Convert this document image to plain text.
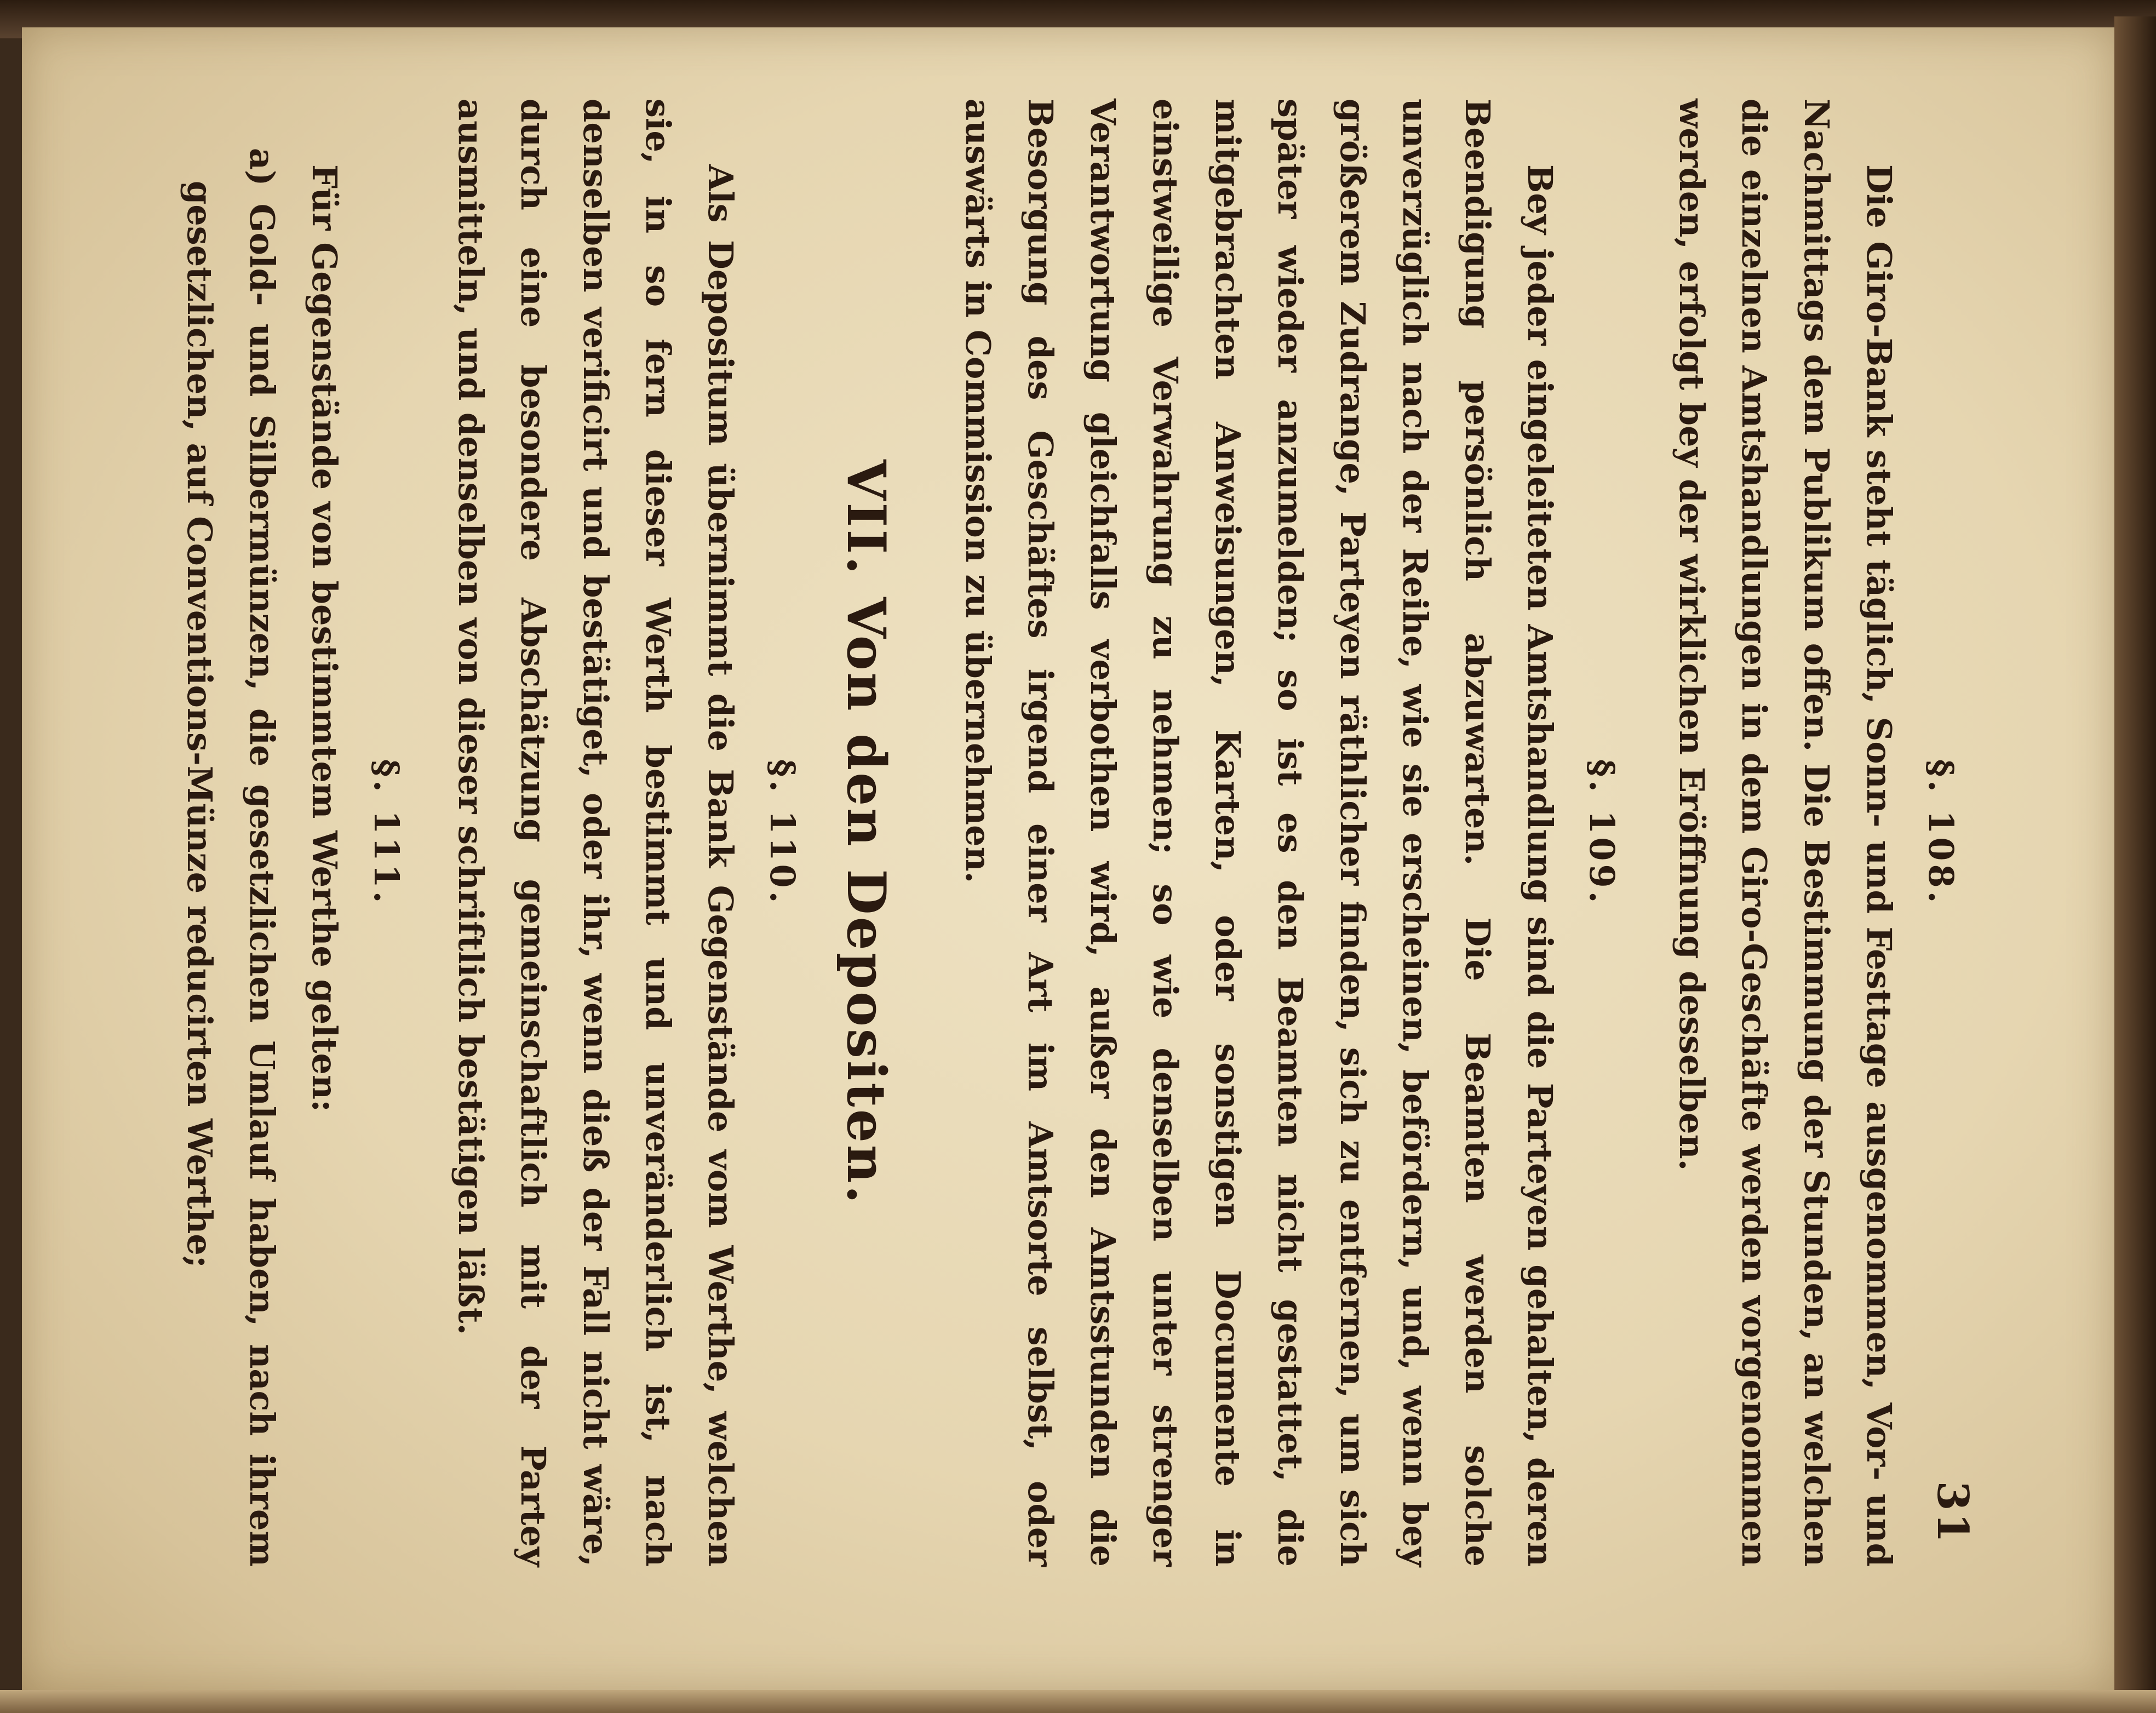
31

§. 108.

Die Giro-Bank steht täglich, Sonn- und Festtage ausgenommen, Vor- und Nachmittags dem Publikum offen. Die Bestimmung der Stunden, an welchen die einzelnen Amtshandlungen in dem Giro-Geschäfte werden vorgenommen werden, erfolgt bey der wirklichen Eröffnung desselben.

§. 109.

Bey jeder eingeleiteten Amtshandlung sind die Parteyen gehalten, deren Beendigung persönlich abzuwarten. Die Beamten werden solche unverzüglich nach der Reihe, wie sie erscheinen, befördern, und, wenn bey größerem Zudrange, Parteyen räthlicher finden, sich zu entfernen, um sich später wieder anzumelden; so ist es den Beamten nicht gestattet, die mitgebrachten Anweisungen, Karten, oder sonstigen Documente in einstweilige Verwahrung zu nehmen; so wie denselben unter strenger Verantwortung gleichfalls verbothen wird, außer den Amtsstunden die Besorgung des Geschäftes irgend einer Art im Amtsorte selbst, oder auswärts in Commission zu übernehmen.

VII. Von den Depositen.

§. 110.

Als Depositum übernimmt die Bank Gegenstände vom Werthe, welchen sie, in so fern dieser Werth bestimmt und unveränderlich ist, nach denselben verificirt und bestätiget, oder ihr, wenn dieß der Fall nicht wäre, durch eine besondere Abschätzung gemeinschaftlich mit der Partey ausmitteln, und denselben von dieser schriftlich bestätigen läßt.

§. 111.

Für Gegenstände von bestimmtem Werthe gelten:

a) Gold- und Silbermünzen, die gesetzlichen Umlauf haben, nach ihrem gesetzlichen, auf Conventions-Münze reducirten Werthe;
